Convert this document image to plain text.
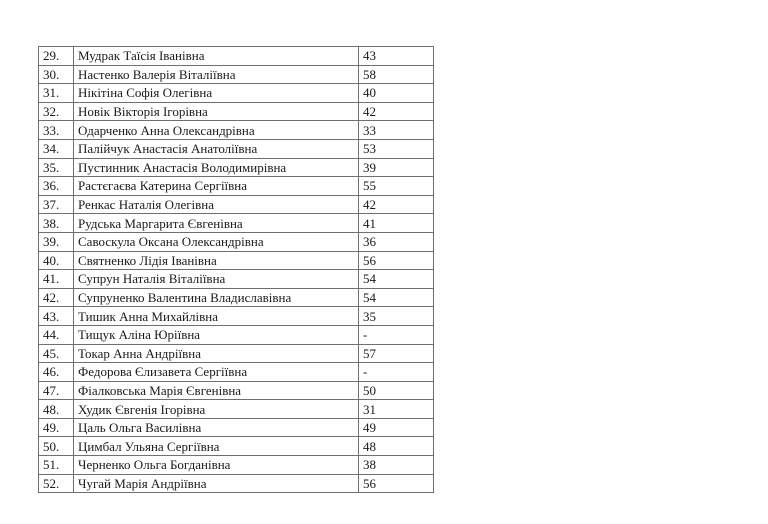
29.	Мудрак Таїсія Іванівна	43
30.	Настенко Валерія Віталіївна	58
31.	Нікітіна Софія Олегівна	40
32.	Новік Вікторія Ігорівна	42
33.	Одарченко Анна Олександрівна	33
34.	Палійчук Анастасія Анатоліївна	53
35.	Пустинник Анастасія Володимирівна	39
36.	Растєгаєва Катерина Сергіївна	55
37.	Ренкас Наталія Олегівна	42
38.	Рудська Маргарита Євгенівна	41
39.	Савоскула Оксана Олександрівна	36
40.	Святненко Лідія Іванівна	56
41.	Супрун Наталія Віталіївна	54
42.	Супруненко Валентина Владиславівна	54
43.	Тишик Анна Михайлівна	35
44.	Тищук Аліна Юріївна	-
45.	Токар Анна Андріївна	57
46.	Федорова Єлизавета Сергіївна	-
47.	Фіалковська Марія Євгенівна	50
48.	Худик Євгенія Ігорівна	31
49.	Цаль Ольга Василівна	49
50.	Цимбал Ульяна Сергіївна	48
51.	Черненко Ольга Богданівна	38
52.	Чугай Марія Андріївна	56
